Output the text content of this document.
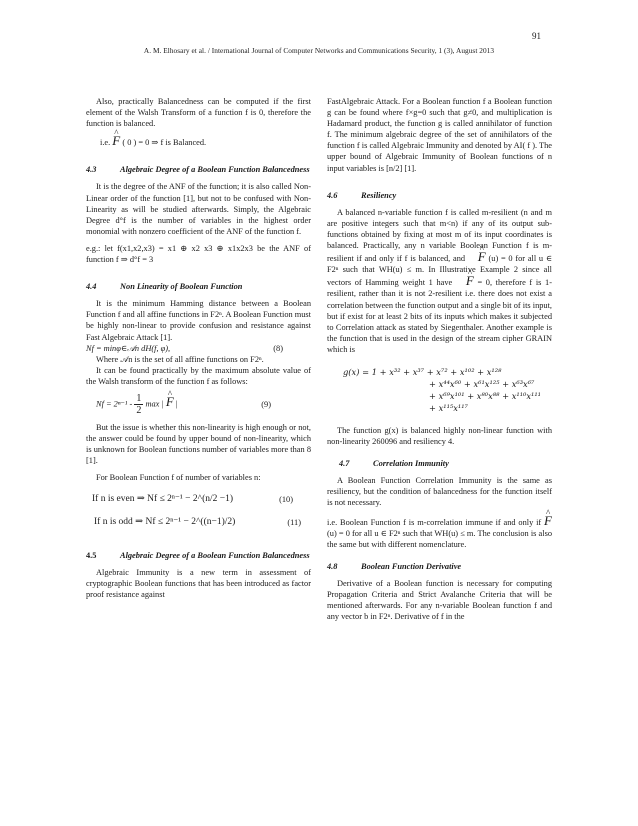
91
A. M. Elhosary et al. / International Journal of Computer Networks and Communications Security, 1 (3), August 2013

Also, practically Balancedness can be computed if the first element of the Walsh Transform of a function f is 0, therefore the function is balanced.

i.e. ^ F ( 0 ) = 0 ⇒ f is Balanced.
4.3	Algebraic Degree of a Boolean Function Balancedness

It is the degree of the ANF of the function; it is also called Non-Linear order of the function [1], but not to be confused with Non-Linearity as will be studied afterwards. Simply, the Algebraic Degree d°f is the number of variables in the highest order monomial with nonzero coefficient of the ANF of the function f.

e.g.: let f(x1,x2,x3) = x1 ⊕ x2 x3 ⊕ x1x2x3 be the ANF of function f ⇒ d°f = 3

4.4	Non Linearity of Boolean Function

It is the minimum Hamming distance between a Boolean Function f and all affine functions in F2ⁿ. A Boolean Function must be highly non-linear to provide confusion and resistance against Fast Algebraic Attack [1].

Nf = minφ∈𝒜n dH(f, φ),	(8)

Where 𝒜n is the set of all affine functions on F2ⁿ.

It can be found practically by the maximum absolute value of the Walsh transform of the function f as follows:

$Nf = 2^{n-1} - \frac{1}{2}$ max | ^ F |	(9)

But the issue is whether this non-linearity is high enough or not, the answer could be found by upper bound of non-linearity, which is unknown for Boolean functions number of variables more than 8 [1].

For Boolean Function f of number of variables n:

If n is even ⇒ Nf ≤ 2ⁿ⁻¹ − 2^(n/2 −1)	(10)
If n is odd ⇒ Nf ≤ 2ⁿ⁻¹ − 2^((n−1)/2)	(11)
4.5	Algebraic Degree of a Boolean Function Balancedness

Algebraic Immunity is a new term in assessment of cryptographic Boolean functions that has been introduced as factor proof resistance against

FastAlgebraic Attack. For a Boolean function f a Boolean function g can be found where f×g=0 such that g≠0, and multiplication is Hadamard product, the function g is called annihilator of function f. The minimum algebraic degree of the set of annihilators of the function f is called Algebraic Immunity and denoted by AI( f ). The upper bound of Algebraic Immunity of Boolean functions of n input variables is [n/2] [1].

4.6	Resiliency

A balanced n-variable function f is called m-resilient (n and m are positive integers such that m<n) if any of its output sub-functions obtained by fixing at most m of its input coordinates is balanced. Practically, any n variable Boolean Function f is m-resilient if and only if f is balanced, and ^ F (u) = 0 for all u ∈ F2ⁿ such that WH(u) ≤ m. In Illustrative Example 2 since all vectors of Hamming weight 1 have ^ F = 0, therefore f is 1-resilient, rather than it is not 2-resilient i.e. there does not exist a correlation between the function output and a single bit of its input, but if exist for at least 2 bits of its inputs which makes it subjected to Correlation attack as stated by Siegenthaler. Another example is the function that is used in the design of the stream cipher GRAIN which is

g(x) = 1 + x³² + x³⁷ + x⁷² + x¹⁰² + x¹²⁸
+ x⁴⁴x⁶⁰ + x⁶¹x¹²⁵ + x⁶³x⁶⁷
+ x⁶⁹x¹⁰¹ + x⁸⁰x⁸⁸ + x¹¹⁰x¹¹¹
+ x¹¹⁵x¹¹⁷

The function g(x) is balanced highly non-linear function with non-linearity 260096 and resiliency 4.

4.7	Correlation Immunity

A Boolean Function Correlation Immunity is the same as resiliency, but the condition of balancedness for the function itself is not necessary.

i.e. Boolean Function f is m-correlation immune if and only if ^ F (u) = 0 for all u ∈ F2ⁿ such that WH(u) ≤ m. The conclusion is also the same but with different nomenclature.

4.8	Boolean Function Derivative

Derivative of a Boolean function is necessary for computing Propagation Criteria and Strict Avalanche Criteria that will be mentioned afterwards. For any n-variable Boolean function f and any vector b in F2ⁿ. Derivative of f in the
